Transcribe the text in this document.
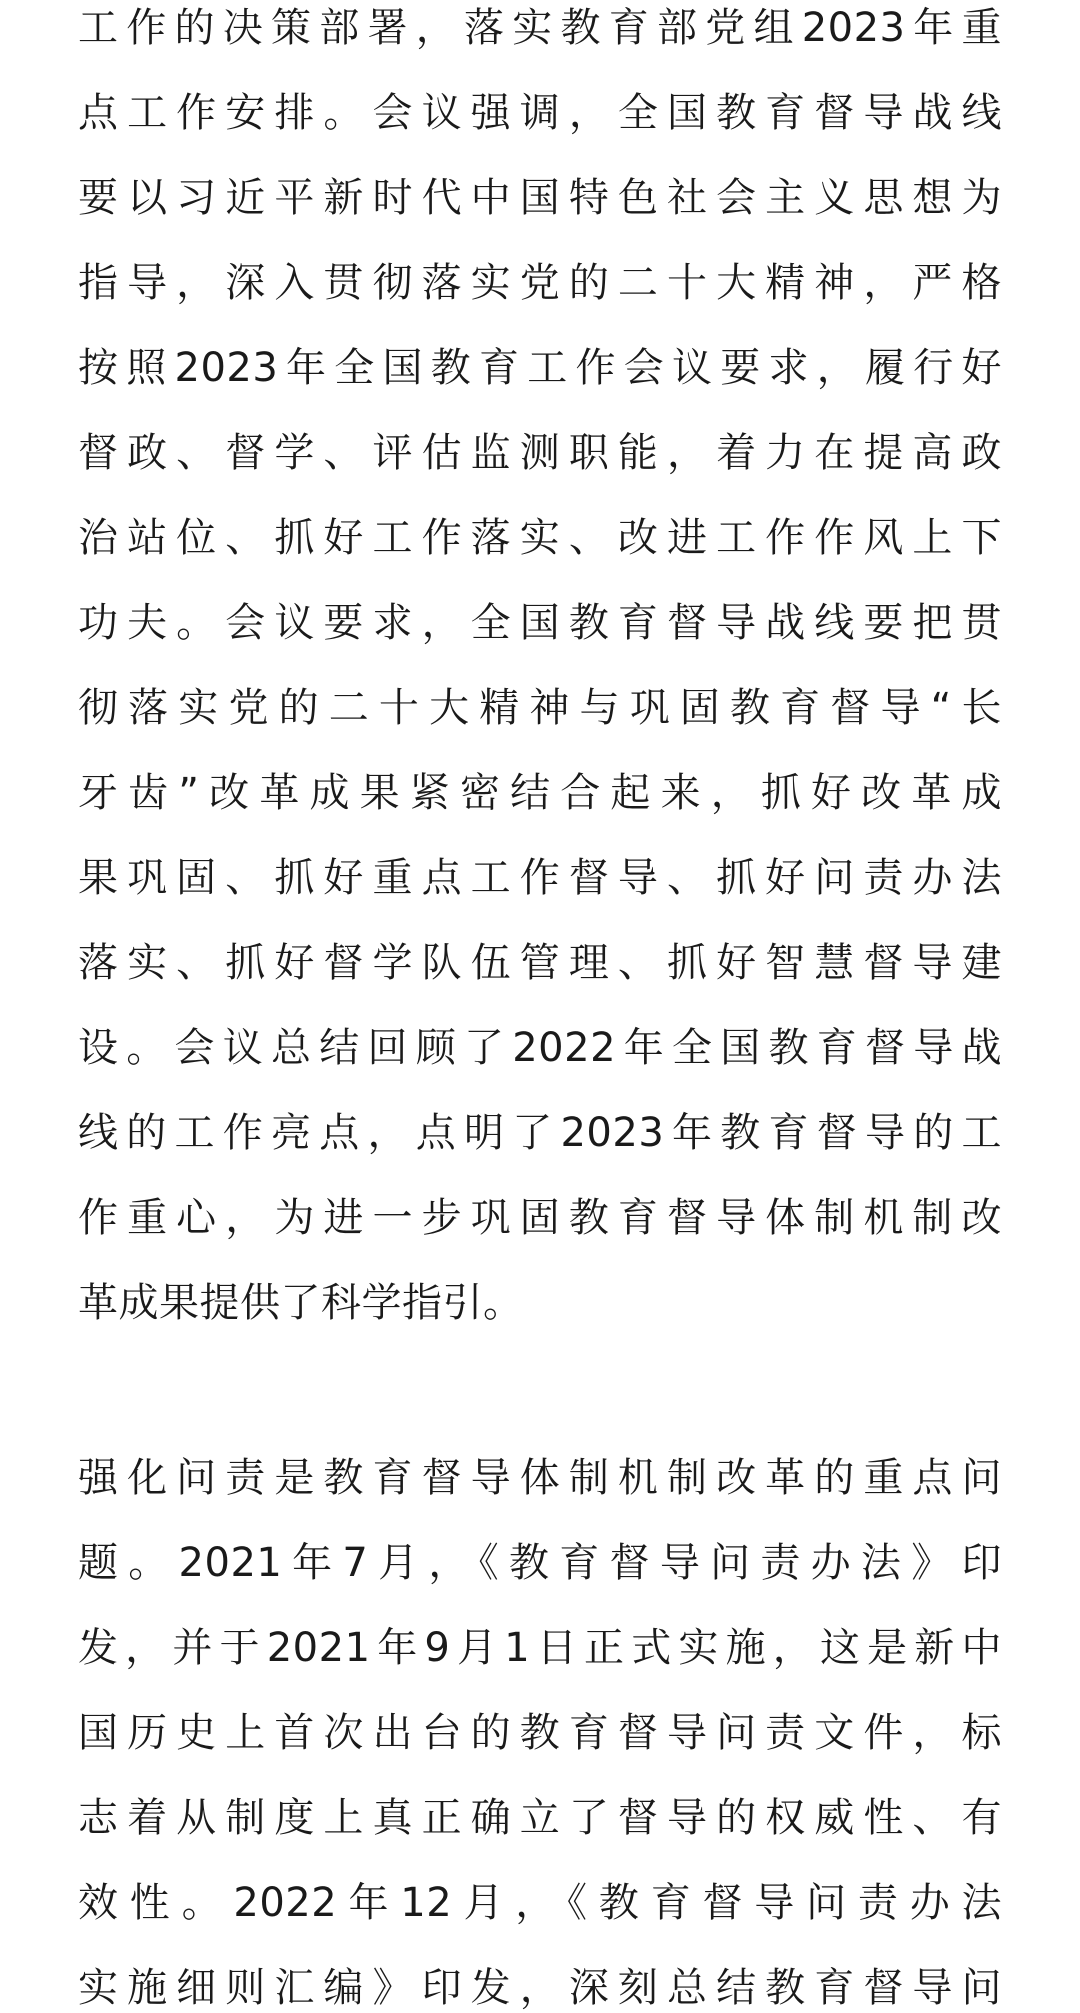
工作的决策部署，落实教育部党组2023年重
点工作安排。会议强调，全国教育督导战线
要以习近平新时代中国特色社会主义思想为
指导，深入贯彻落实党的二十大精神，严格
按照2023年全国教育工作会议要求，履行好
督政、督学、评估监测职能，着力在提高政
治站位、抓好工作落实、改进工作作风上下
功夫。会议要求，全国教育督导战线要把贯
彻落实党的二十大精神与巩固教育督导“长
牙齿”改革成果紧密结合起来，抓好改革成
果巩固、抓好重点工作督导、抓好问责办法
落实、抓好督学队伍管理、抓好智慧督导建
设。会议总结回顾了2022年全国教育督导战
线的工作亮点，点明了2023年教育督导的工
作重心，为进一步巩固教育督导体制机制改
革成果提供了科学指引。
强化问责是教育督导体制机制改革的重点问
题。2021年7月，《教育督导问责办法》印
发，并于2021年9月1日正式实施，这是新中
国历史上首次出台的教育督导问责文件，标
志着从制度上真正确立了督导的权威性、有
效性。2022年12月，《教育督导问责办法
实施细则汇编》印发，深刻总结教育督导问
